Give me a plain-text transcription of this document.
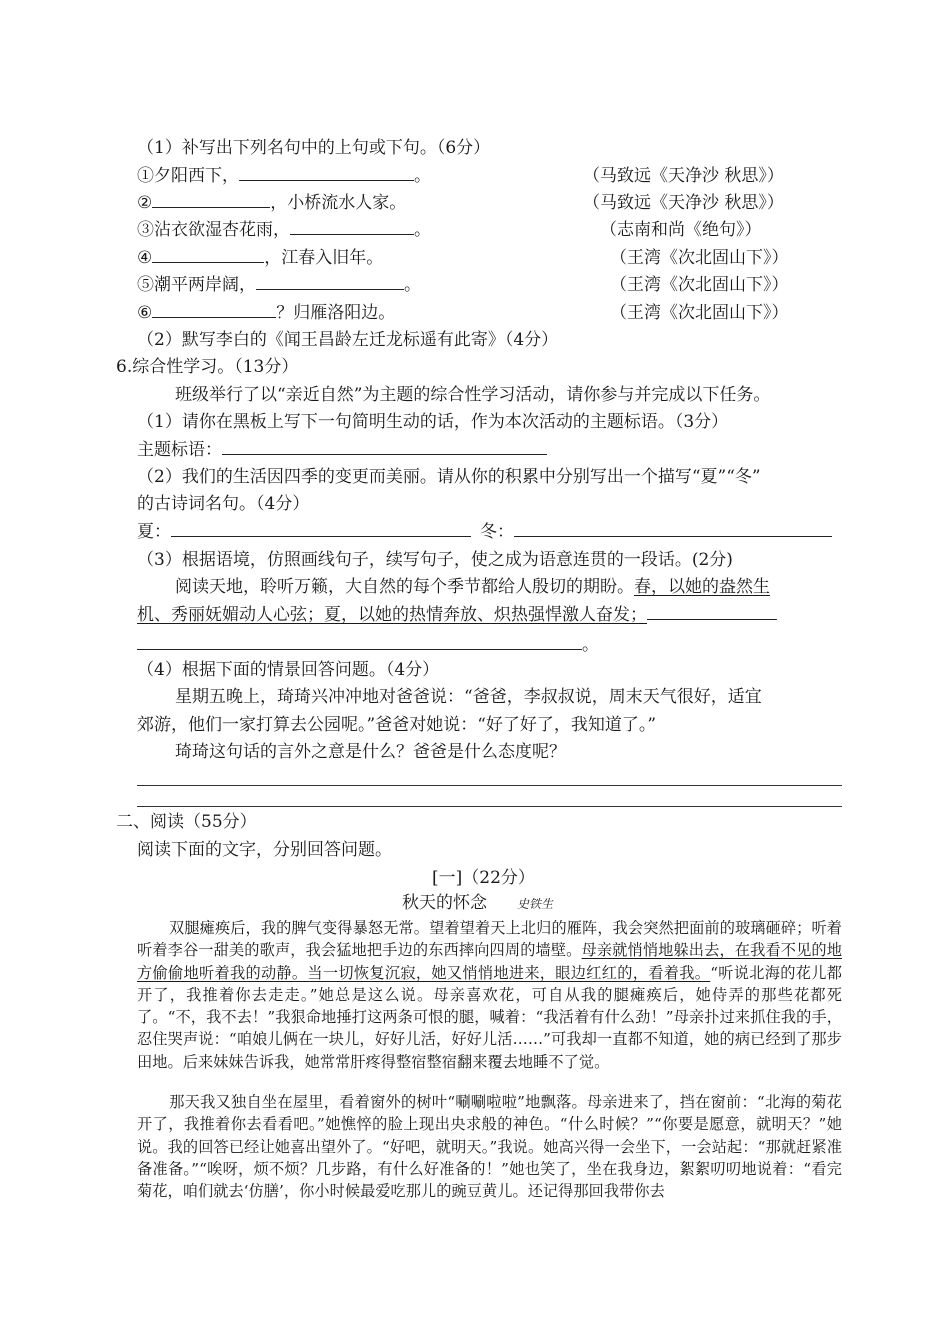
（1）补写出下列名句中的上句或下句。（6分）
①夕阳西下，	。	（马致远《天净沙 秋思》）
②	，小桥流水人家。	（马致远《天净沙 秋思》）
③沾衣欲湿杏花雨，	。	（志南和尚《绝句》）
④	，江春入旧年。	（王湾《次北固山下》）
⑤潮平两岸阔，	。	（王湾《次北固山下》）
⑥	？归雁洛阳边。	（王湾《次北固山下》）
（2）默写李白的《闻王昌龄左迁龙标遥有此寄》（4分）
6.综合性学习。（13分）
班级举行了以“亲近自然”为主题的综合性学习活动，请你参与并完成以下任务。
（1）请你在黑板上写下一句简明生动的话，作为本次活动的主题标语。（3分）
主题标语：
（2）我们的生活因四季的变更而美丽。请从你的积累中分别写出一个描写“夏”“冬”
的古诗词名句。（4分）
夏：	冬：
（3）根据语境，仿照画线句子，续写句子，使之成为语意连贯的一段话。(2分)
阅读天地，聆听万籁，大自然的每个季节都给人殷切的期盼。春，以她的盎然生
机、秀丽妩媚动人心弦；夏，以她的热情奔放、炽热强悍激人奋发；
。
（4）根据下面的情景回答问题。（4分）
星期五晚上，琦琦兴冲冲地对爸爸说：“爸爸，李叔叔说，周末天气很好，适宜
郊游，他们一家打算去公园呢。”爸爸对她说：“好了好了，我知道了。”
琦琦这句话的言外之意是什么？爸爸是什么态度呢？
二、阅读（55分）
阅读下面的文字，分别回答问题。
[一]（22分）
秋天的怀念	史铁生
双腿瘫痪后，我的脾气变得暴怒无常。望着望着天上北归的雁阵，我会突然把面前的玻璃砸碎；听着听着李谷一甜美的歌声，我会猛地把手边的东西摔向四周的墙壁。母亲就悄悄地躲出去，在我看不见的地方偷偷地听着我的动静。当一切恢复沉寂，她又悄悄地进来，眼边红红的，看着我。“听说北海的花儿都开了，我推着你去走走。”她总是这么说。母亲喜欢花，可自从我的腿瘫痪后，她侍弄的那些花都死了。“不，我不去！”我狠命地捶打这两条可恨的腿，喊着：“我活着有什么劲！”母亲扑过来抓住我的手，忍住哭声说：“咱娘儿俩在一块儿，好好儿活，好好儿活……”可我却一直都不知道，她的病已经到了那步田地。后来妹妹告诉我，她常常肝疼得整宿整宿翻来覆去地睡不了觉。
那天我又独自坐在屋里，看着窗外的树叶“唰唰啦啦”地飘落。母亲进来了，挡在窗前：“北海的菊花开了，我推着你去看看吧。”她憔悴的脸上现出央求般的神色。“什么时候？”“你要是愿意，就明天？”她说。我的回答已经让她喜出望外了。“好吧，就明天。”我说。她高兴得一会坐下，一会站起：“那就赶紧准备准备。”“唉呀，烦不烦？几步路，有什么好准备的！”她也笑了，坐在我身边，絮絮叨叨地说着：“看完菊花，咱们就去‘仿膳’，你小时候最爱吃那儿的豌豆黄儿。还记得那回我带你去
